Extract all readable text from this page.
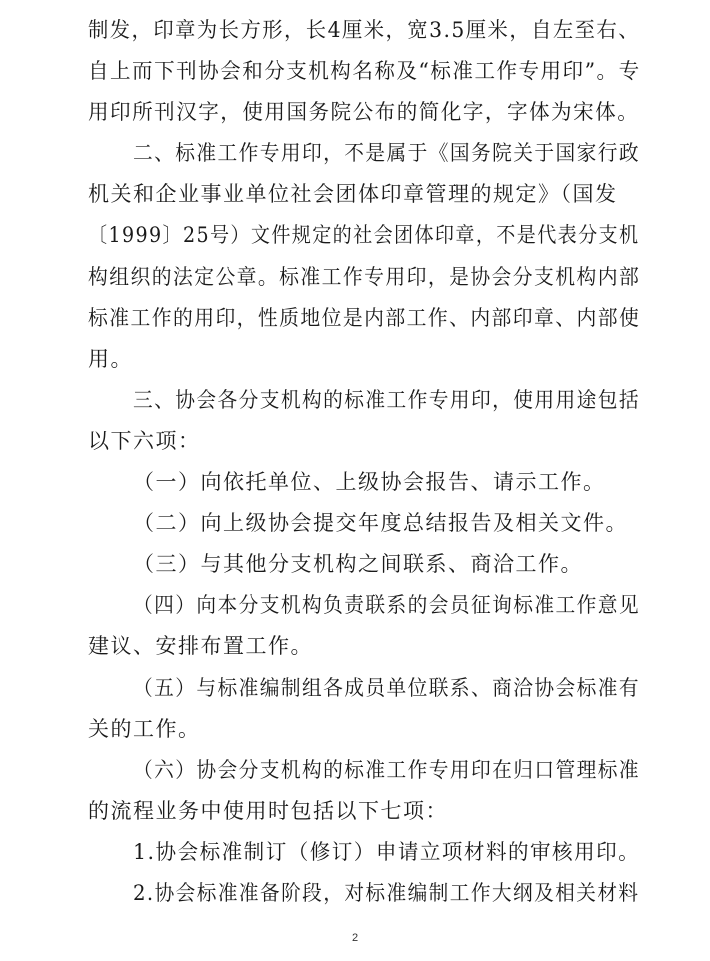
制发，印章为长方形，长4厘米，宽3.5厘米，自左至右、
自上而下刊协会和分支机构名称及“标准工作专用印”。专
用印所刊汉字，使用国务院公布的简化字，字体为宋体。
二、标准工作专用印，不是属于《国务院关于国家行政
机关和企业事业单位社会团体印章管理的规定》（国发
〔1999〕25号）文件规定的社会团体印章，不是代表分支机
构组织的法定公章。标准工作专用印，是协会分支机构内部
标准工作的用印，性质地位是内部工作、内部印章、内部使
用。
三、协会各分支机构的标准工作专用印，使用用途包括
以下六项：
（一）向依托单位、上级协会报告、请示工作。
（二）向上级协会提交年度总结报告及相关文件。
（三）与其他分支机构之间联系、商洽工作。
（四）向本分支机构负责联系的会员征询标准工作意见
建议、安排布置工作。
（五）与标准编制组各成员单位联系、商洽协会标准有
关的工作。
（六）协会分支机构的标准工作专用印在归口管理标准
的流程业务中使用时包括以下七项：
1.协会标准制订（修订）申请立项材料的审核用印。
2.协会标准准备阶段，对标准编制工作大纲及相关材料
2
